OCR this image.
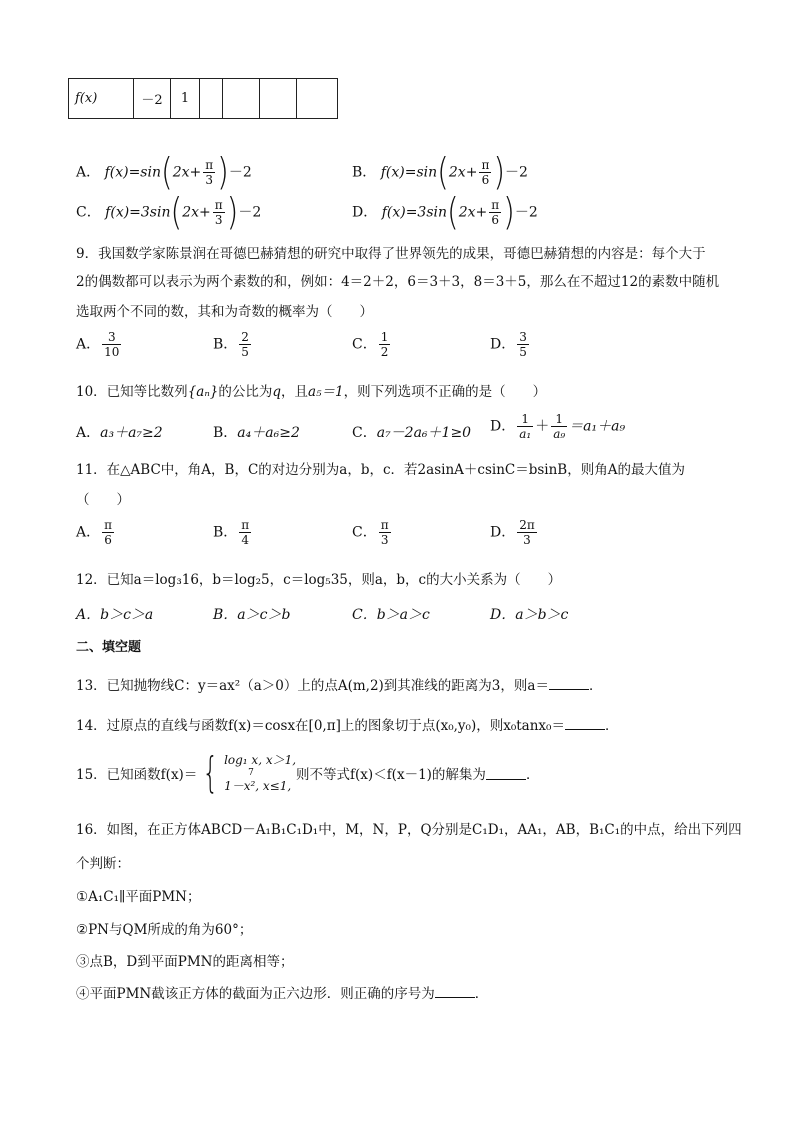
f(x)	－2	1				
A． $f(x)=\sin(2x+ \frac{\pi}{3} )-2$	B． $f(x)=\sin(2x+ \frac{\pi}{6} )-2$
C． $f(x)=3\sin(2x+ \frac{\pi}{3} )-2$	D． $f(x)=3\sin(2x+ \frac{\pi}{6} )-2$
9．我国数学家陈景润在哥德巴赫猜想的研究中取得了世界领先的成果，哥德巴赫猜想的内容是：每个大于
2的偶数都可以表示为两个素数的和，例如：4＝2＋2，6＝3＋3，8＝3＋5，那么在不超过12的素数中随机
选取两个不同的数，其和为奇数的概率为（　　）
A． $\frac{3}{10}$	B． $\frac{2}{5}$	C． $\frac{1}{2}$	D． $\frac{3}{5}$
10．已知等比数列{aₙ}的公比为q，且a₅＝1，则下列选项不正确的是（　　）
A．a₃＋a₇≥2	B．a₄＋a₆≥2	C．a₇－2a₆＋1≥0 D． $\frac{1}{\text{a₁}} + \frac{1}{\text{a₉}} =a_1+a_9$
11．在△ABC中，角A，B，C的对边分别为a，b，c．若2asinA＋csinC＝bsinB，则角A的最大值为
（　　）
A． $\frac{\pi}{6}$	B． $\frac{\pi}{4}$	C． $\frac{\pi}{3}$	D． $\frac{2\pi}{3}$
12．已知a＝log₃16，b＝log₂5，c＝log₅35，则a，b，c的大小关系为（　　）
A．b＞c＞a	B．a＞c＞b	C．b＞a＞c	D．a＞b＞c
二、填空题
13．已知抛物线C：y＝ax²（a＞0）上的点A(m,2)到其准线的距离为3，则a＝	．
14．过原点的直线与函数f(x)＝cosx在[0,π]上的图象切于点(x₀,y₀)，则x₀tanx₀＝	．
15．已知函数f(x)＝ { log₁ x, x＞1,
7
1－x², x≤1,
则不等式f(x)＜f(x－1)的解集为	．
16．如图，在正方体ABCD－A₁B₁C₁D₁中，M，N，P，Q分别是C₁D₁，AA₁，AB，B₁C₁的中点，给出下列四
个判断：
①A₁C₁∥平面PMN；
②PN与QM所成的角为60°；
③点B，D到平面PMN的距离相等；
④平面PMN截该正方体的截面为正六边形．则正确的序号为	．
